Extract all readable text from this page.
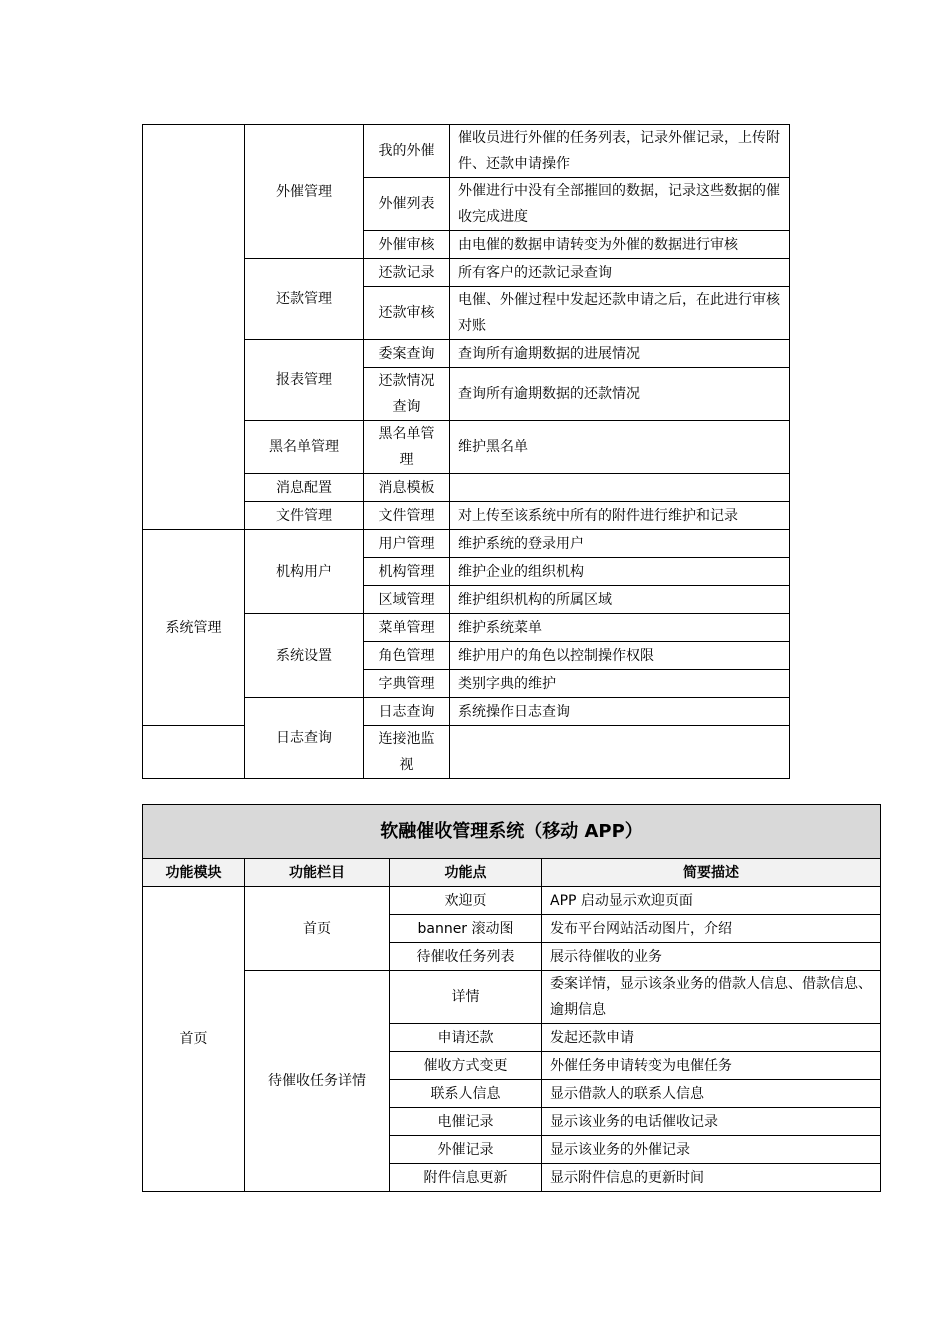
	外催管理	我的外催	催收员进行外催的任务列表，记录外催记录，上传附件、还款申请操作
		外催列表	外催进行中没有全部摧回的数据，记录这些数据的催收完成进度
		外催审核	由电催的数据申请转变为外催的数据进行审核
	还款管理	还款记录	所有客户的还款记录查询
		还款审核	电催、外催过程中发起还款申请之后，在此进行审核对账
	报表管理	委案查询	查询所有逾期数据的进展情况
		还款情况查询	查询所有逾期数据的还款情况
	黑名单管理	黑名单管理	维护黑名单
	消息配置	消息模板	
	文件管理	文件管理	对上传至该系统中所有的附件进行维护和记录
系统管理	机构用户	用户管理	维护系统的登录用户
		机构管理	维护企业的组织机构
		区域管理	维护组织机构的所属区域
	系统设置	菜单管理	维护系统菜单
		角色管理	维护用户的角色以控制操作权限
		字典管理	类别字典的维护
	日志查询	日志查询	系统操作日志查询
		连接池监视	
软融催收管理系统（移动 APP）			
功能模块	功能栏目	功能点	简要描述
首页	首页	欢迎页	APP 启动显示欢迎页面
		banner 滚动图	发布平台网站活动图片，介绍
		待催收任务列表	展示待催收的业务
	待催收任务详情	详情	委案详情，显示该条业务的借款人信息、借款信息、逾期信息
		申请还款	发起还款申请
		催收方式变更	外催任务申请转变为电催任务
		联系人信息	显示借款人的联系人信息
		电催记录	显示该业务的电话催收记录
		外催记录	显示该业务的外催记录
		附件信息更新	显示附件信息的更新时间
